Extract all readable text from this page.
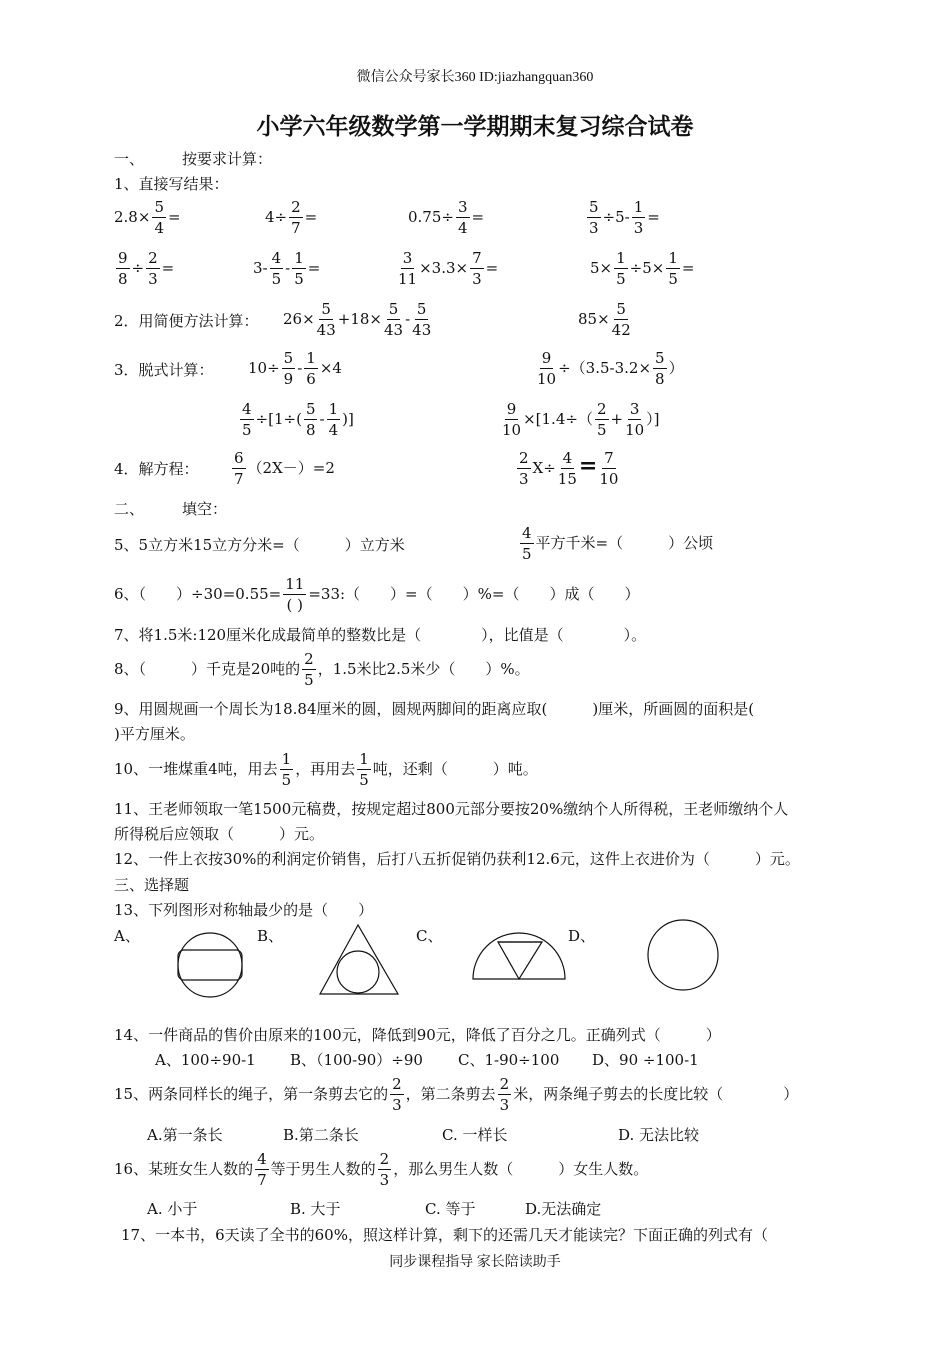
微信公众号家长360 ID:jiazhangquan360
小学六年级数学第一学期期末复习综合试卷
一、	按要求计算：
1、直接写结果：
$2.8\times \frac{5}{4}$ =	$4\div \frac{2}{7}$ =	$0.75\div \frac{3}{4}$ =	$\frac{5}{3} \div 5- \frac{1}{3}$ =
$\frac{9}{8} \div \frac{2}{3}$ =	$3- \frac{4}{5} - \frac{1}{5}$ =	$\frac{3}{11} \times 3.3\times \frac{7}{3}$ =	$5\times \frac{1}{5} \div 5\times \frac{1}{5}$ =
2．用简便方法计算： $26\times \frac{5}{43} +18\times \frac{5}{43} - \frac{5}{43}$	$85\times \frac{5}{42}$
3．脱式计算： $10\div \frac{5}{9} - \frac{1}{6} \times 4$	$\frac{9}{10} \div(3.5-3.2\times \frac{5}{8}$ ）
$\frac{4}{5} \div[1\div( \frac{5}{8} - \frac{1}{4}$ )]	$\frac{9}{10} \times[1.4\div( \frac{2}{5} + \frac{3}{10}$ ）]
4．解方程： $\frac{6}{7} (2X-)=2$	$\frac{2}{3} X\div \frac{4}{15} = \frac{7}{10}$
二、	填空：
5、5立方米15立方分米=（　　　）立方米	$\frac{4}{5}$ 平方千米=（　　　）公顷
6、（　　）$\div 30=0.55= \frac{11}{( )}$ =33:（　　）=（　　）%=（　　）成（　　）
7、将1.5米:120厘米化成最简单的整数比是（　　　　），比值是（　　　　）。
8、（　　　）千克是20吨的 $\frac{2}{5}$ ，1.5米比2.5米少（　　）%。
9、用圆规画一个周长为18.84厘米的圆，圆规两脚间的距离应取(　　　)厘米，所画圆的面积是(
)平方厘米。
10、一堆煤重4吨，用去 $\frac{1}{5}$ ，再用去 $\frac{1}{5}$ 吨，还剩（　　　）吨。
11、王老师领取一笔1500元稿费，按规定超过800元部分要按20%缴纳个人所得税，王老师缴纳个人
所得税后应领取（　　　）元。
12、一件上衣按30%的利润定价销售，后打八五折促销仍获利12.6元，这件上衣进价为（　　　）元。
三、选择题
13、下列图形对称轴最少的是（　　）
A、	B、	C、	D、
14、一件商品的售价由原来的100元，降低到90元，降低了百分之几。正确列式（　　　）
A、100÷90-1 B、（100-90）÷90 C、1-90÷100 D、90 ÷100-1
15、两条同样长的绳子，第一条剪去它的 $\frac{2}{3}$ ，第二条剪去 $\frac{2}{3}$ 米，两条绳子剪去的长度比较（　　　　）
A.第一条长	B.第二条长	C. 一样长	D. 无法比较
16、某班女生人数的 $\frac{4}{7}$ 等于男生人数的 $\frac{2}{3}$ ，那么男生人数（　　　）女生人数。
A. 小于	B. 大于	C. 等于	D.无法确定
17、一本书，6天读了全书的60%，照这样计算，剩下的还需几天才能读完？下面正确的列式有（
同步课程指导 家长陪读助手
